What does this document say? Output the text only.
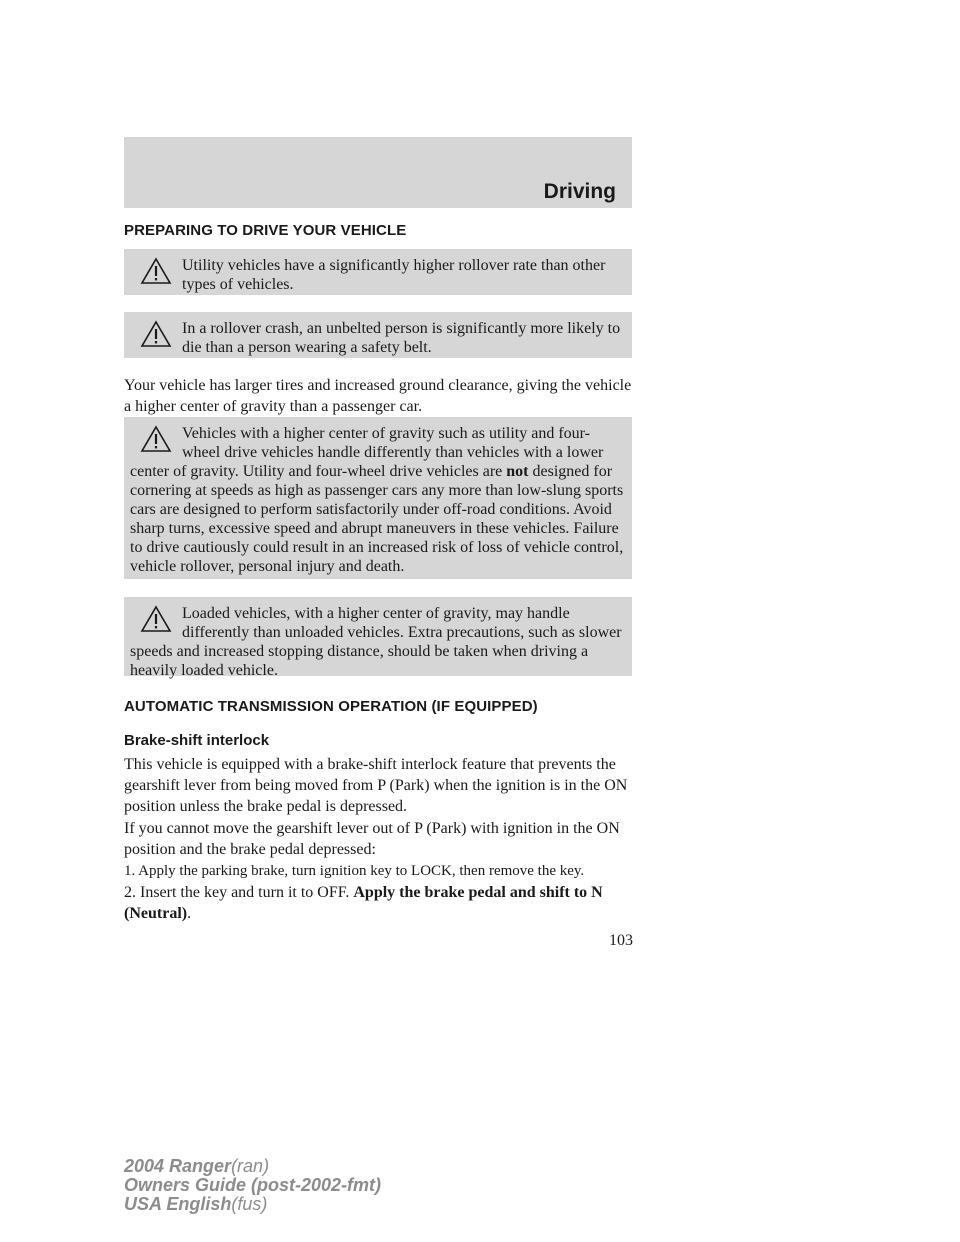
Driving
PREPARING TO DRIVE YOUR VEHICLE
Utility vehicles have a significantly higher rollover rate than other types of vehicles.
In a rollover crash, an unbelted person is significantly more likely to die than a person wearing a safety belt.
Your vehicle has larger tires and increased ground clearance, giving the vehicle a higher center of gravity than a passenger car.
Vehicles with a higher center of gravity such as utility and four-wheel drive vehicles handle differently than vehicles with a lower center of gravity. Utility and four-wheel drive vehicles are not designed for cornering at speeds as high as passenger cars any more than low-slung sports cars are designed to perform satisfactorily under off-road conditions. Avoid sharp turns, excessive speed and abrupt maneuvers in these vehicles. Failure to drive cautiously could result in an increased risk of loss of vehicle control, vehicle rollover, personal injury and death.
Loaded vehicles, with a higher center of gravity, may handle differently than unloaded vehicles. Extra precautions, such as slower speeds and increased stopping distance, should be taken when driving a heavily loaded vehicle.
AUTOMATIC TRANSMISSION OPERATION (IF EQUIPPED)
Brake-shift interlock
This vehicle is equipped with a brake-shift interlock feature that prevents the gearshift lever from being moved from P (Park) when the ignition is in the ON position unless the brake pedal is depressed.
If you cannot move the gearshift lever out of P (Park) with ignition in the ON position and the brake pedal depressed:
1. Apply the parking brake, turn ignition key to LOCK, then remove the key.
2. Insert the key and turn it to OFF. Apply the brake pedal and shift to N (Neutral).
103
2004 Ranger(ran)
Owners Guide (post-2002-fmt)
USA English(fus)
